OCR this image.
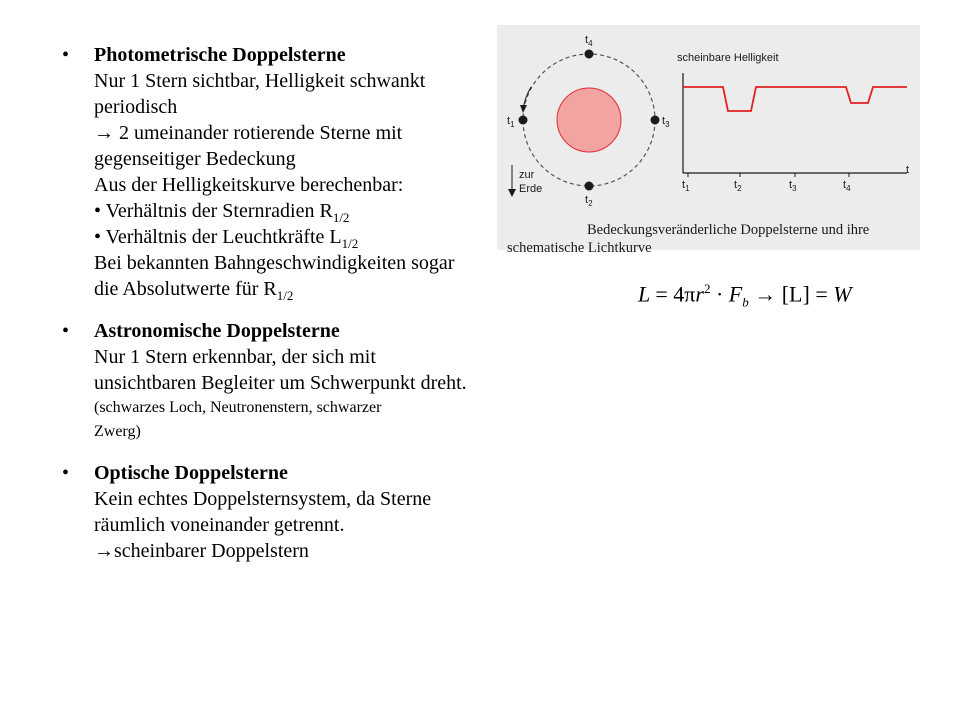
• Photometrische Doppelsterne
Nur 1 Stern sichtbar, Helligkeit schwankt
periodisch
→ 2 umeinander rotierende Sterne mit
gegenseitiger Bedeckung
Aus der Helligkeitskurve berechenbar:
• Verhältnis der Sternradien $R_{1/2}$
• Verhältnis der Leuchtkräfte $L_{1/2}$
Bei bekannten Bahngeschwindigkeiten sogar
die Absolutwerte für $R_{1/2}$
• Astronomische Doppelsterne
Nur 1 Stern erkennbar, der sich mit
unsichtbaren Begleiter um Schwerpunkt dreht.
(schwarzes Loch, Neutronenstern, schwarzer
Zwerg)
• Optische Doppelsterne
Kein echtes Doppelsternsystem, da Sterne
räumlich voneinander getrennt.
→scheinbarer Doppelstern
$t_4$
$t_2$
$t_1$	$t_3$
zur
Erde
scheinbare Helligkeit
$t_1$	$t_2$	$t_3$	$t_4$
t
Bedeckungsveränderliche Doppelsterne und ihre
schematische Lichtkurve
$L = 4\pi r^2 \cdot F_b \to [L] = W$
